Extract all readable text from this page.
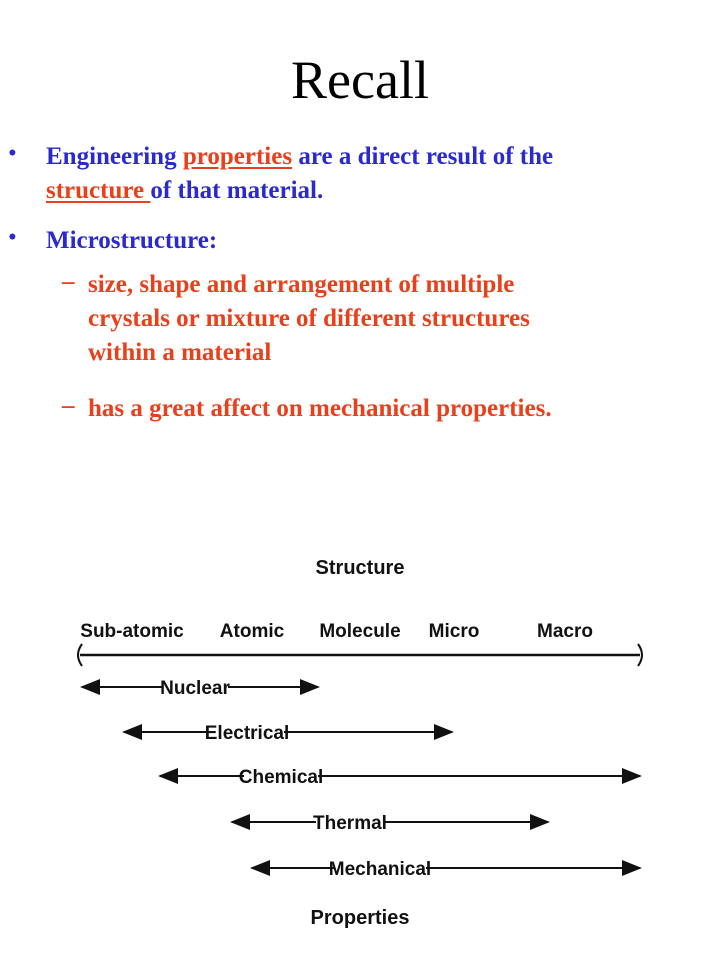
Recall
• Engineering properties are a direct result of the
structure of that material.
• Microstructure:
– size, shape and arrangement of multiple
crystals or mixture of different structures
within a material
– has a great affect on mechanical properties.
Structure
Sub-atomic Atomic Molecule Micro	Macro
Nuclear
Electrical
Chemical
Thermal
Mechanical
Properties
